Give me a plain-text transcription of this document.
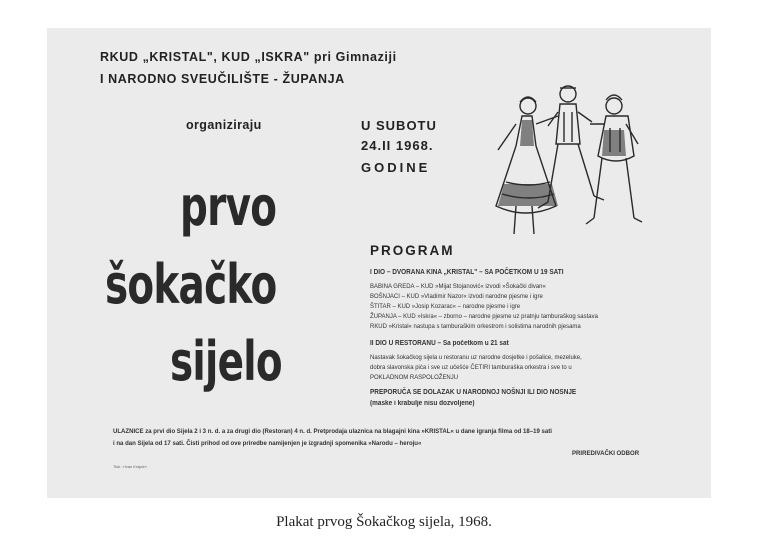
RKUD „KRISTAL", KUD „ISKRA" pri Gimnaziji
I NARODNO SVEUČILIŠTE - ŽUPANJA
organiziraju	U SUBOTU
24.II 1968.
GODINE
prvo
šokačko
sijelo
PROGRAM
I DIO – DVORANA KINA „KRISTAL" – SA POČETKOM U 19 SATI
BABINA GREDA – KUD »Mijat Stojanović« izvodi »Šokački divan«
BOŠNJACI – KUD »Vladimir Nazor« izvodi narodne pjesme i igre
ŠTITAR – KUD »Josip Kozarac« – narodne pjesme i igre
ŽUPANJA – KUD »Iskra« – zborno – narodne pjesme uz pratnju tamburaškog sastava
RKUD »Kristal« nastupa s tamburaškim orkestrom i solistima narodnih pjesama
II DIO U RESTORANU – Sa početkom u 21 sat
Nastavak šokačkog sijela u restoranu uz narodne dosjetke i pošalice, mezeluke,
dobra slavonska pića i sve uz učešće ČETIRI tamburaška orkestra i sve to u
POKLADNOM RASPOLOŽENJU
PREPORUČA SE DOLAZAK U NARODNOJ NOŠNJI ILI DIO NOSNJE
(maske i krabulje nisu dozvoljene)
ULAZNICE za prvi dio Sijela 2 i 3 n. d. a za drugi dio (Restoran) 4 n. d. Pretprodaja ulaznica na blagajni kina »KRISTAL« u dane igranja filma od 18–19 sati
i na dan Sijela od 17 sati. Čisti prihod od ove priredbe namijenjen je izgradnji spomenika »Narodu – heroju«
PRIREDIVAČKI ODBOR
Tisk. »Ivan Krajač«
Plakat prvog Šokačkog sijela, 1968.
